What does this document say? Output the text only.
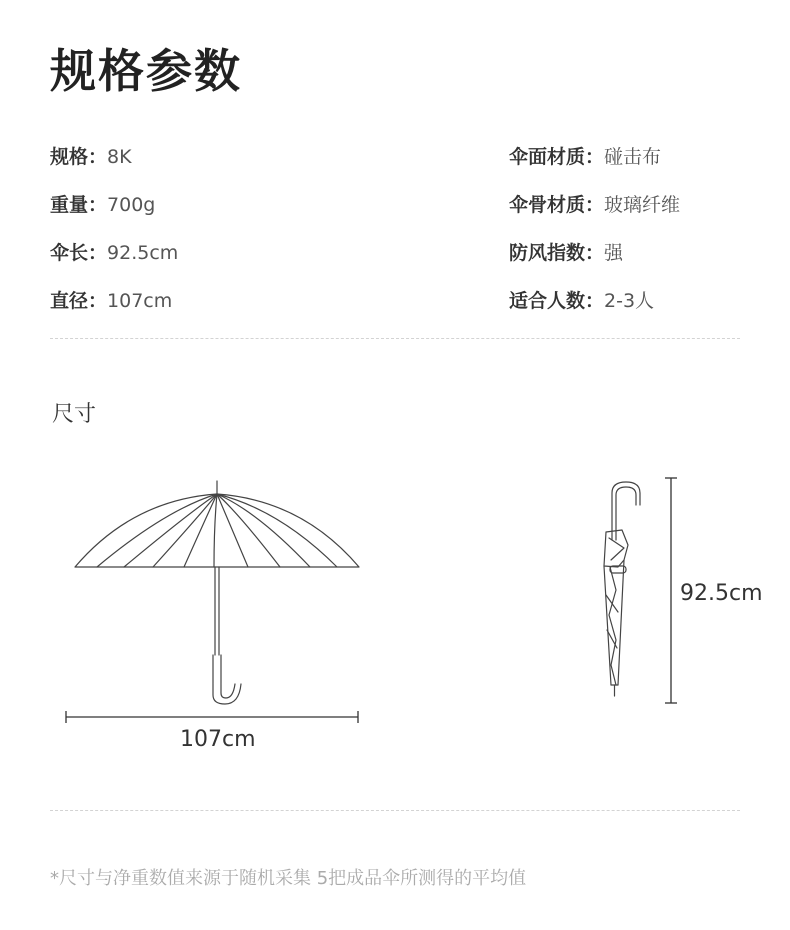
规格参数
规格：8K
重量：700g
伞长：92.5cm
直径：107cm
伞面材质：碰击布
伞骨材质：玻璃纤维
防风指数：强
适合人数：2-3人
尺寸
107cm
92.5cm
*尺寸与净重数值来源于随机采集 5把成品伞所测得的平均值
